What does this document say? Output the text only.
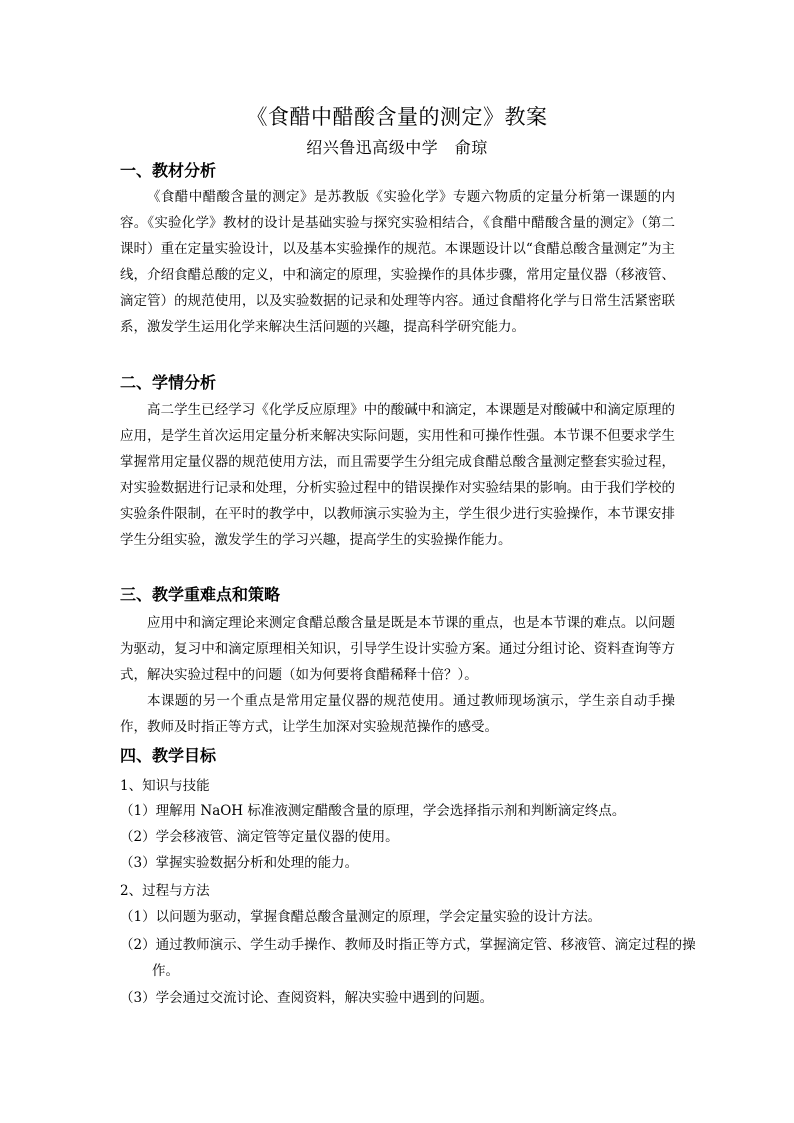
《食醋中醋酸含量的测定》教案
绍兴鲁迅高级中学　俞琼
一、教材分析

《食醋中醋酸含量的测定》是苏教版《实验化学》专题六物质的定量分析第一课题的内容。《实验化学》教材的设计是基础实验与探究实验相结合，《食醋中醋酸含量的测定》（第二课时）重在定量实验设计，以及基本实验操作的规范。本课题设计以“食醋总酸含量测定”为主线，介绍食醋总酸的定义，中和滴定的原理，实验操作的具体步骤，常用定量仪器（移液管、滴定管）的规范使用，以及实验数据的记录和处理等内容。通过食醋将化学与日常生活紧密联系，激发学生运用化学来解决生活问题的兴趣，提高科学研究能力。

二、学情分析

高二学生已经学习《化学反应原理》中的酸碱中和滴定，本课题是对酸碱中和滴定原理的应用，是学生首次运用定量分析来解决实际问题，实用性和可操作性强。本节课不但要求学生掌握常用定量仪器的规范使用方法，而且需要学生分组完成食醋总酸含量测定整套实验过程，对实验数据进行记录和处理，分析实验过程中的错误操作对实验结果的影响。由于我们学校的实验条件限制，在平时的教学中，以教师演示实验为主，学生很少进行实验操作，本节课安排学生分组实验，激发学生的学习兴趣，提高学生的实验操作能力。

三、教学重难点和策略

应用中和滴定理论来测定食醋总酸含量是既是本节课的重点，也是本节课的难点。以问题为驱动，复习中和滴定原理相关知识，引导学生设计实验方案。通过分组讨论、资料查询等方式，解决实验过程中的问题（如为何要将食醋稀释十倍？）。

本课题的另一个重点是常用定量仪器的规范使用。通过教师现场演示，学生亲自动手操作，教师及时指正等方式，让学生加深对实验规范操作的感受。

四、教学目标
1、知识与技能
（1）理解用 NaOH 标准液测定醋酸含量的原理，学会选择指示剂和判断滴定终点。
（2）学会移液管、滴定管等定量仪器的使用。
（3）掌握实验数据分析和处理的能力。
2、过程与方法
（1）以问题为驱动，掌握食醋总酸含量测定的原理，学会定量实验的设计方法。
（2）通过教师演示、学生动手操作、教师及时指正等方式，掌握滴定管、移液管、滴定过程的操作。
（3）学会通过交流讨论、查阅资料，解决实验中遇到的问题。
